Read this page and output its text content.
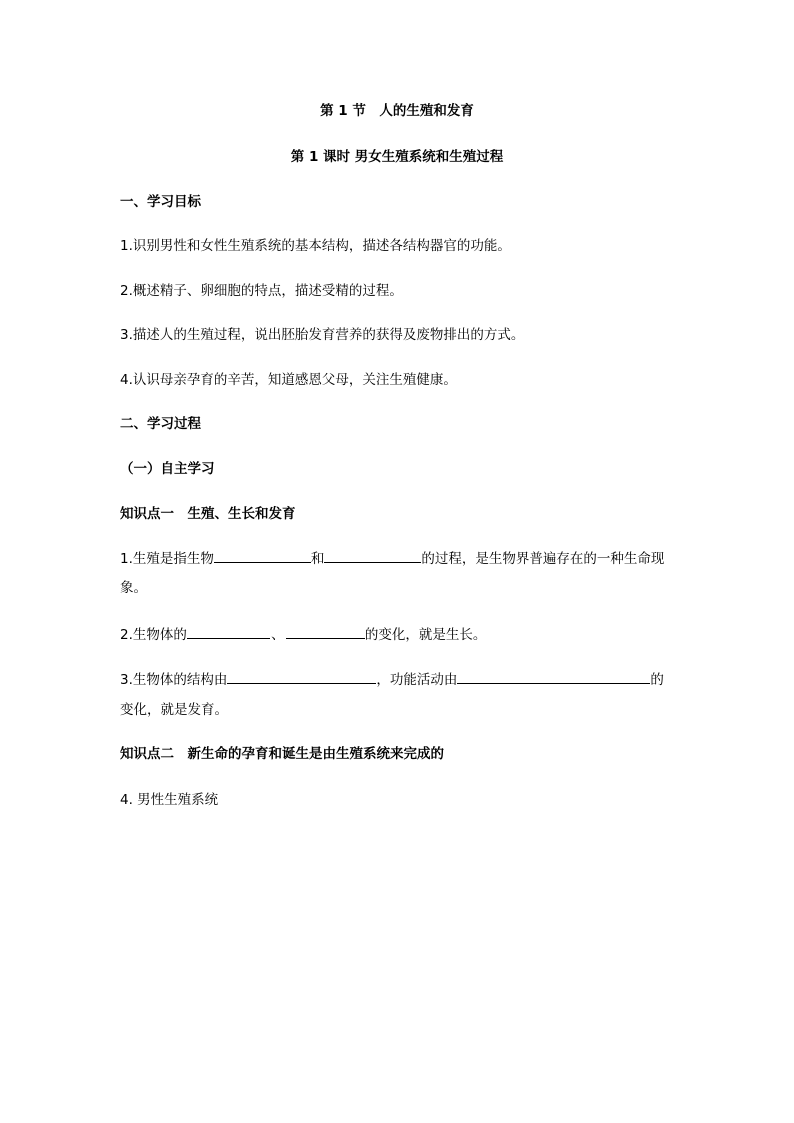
第 1 节　人的生殖和发育
第 1 课时 男女生殖系统和生殖过程
一、学习目标
1.识别男性和女性生殖系统的基本结构，描述各结构器官的功能。
2.概述精子、卵细胞的特点，描述受精的过程。
3.描述人的生殖过程，说出胚胎发育营养的获得及废物排出的方式。
4.认识母亲孕育的辛苦，知道感恩父母，关注生殖健康。
二、学习过程
（一）自主学习
知识点一　生殖、生长和发育
1.生殖是指生物	和	的过程，是生物界普遍存在的一种生命现
象。
2.生物体的	、	的变化，就是生长。
3.生物体的结构由	，功能活动由	的
变化，就是发育。
知识点二　新生命的孕育和诞生是由生殖系统来完成的
4. 男性生殖系统
